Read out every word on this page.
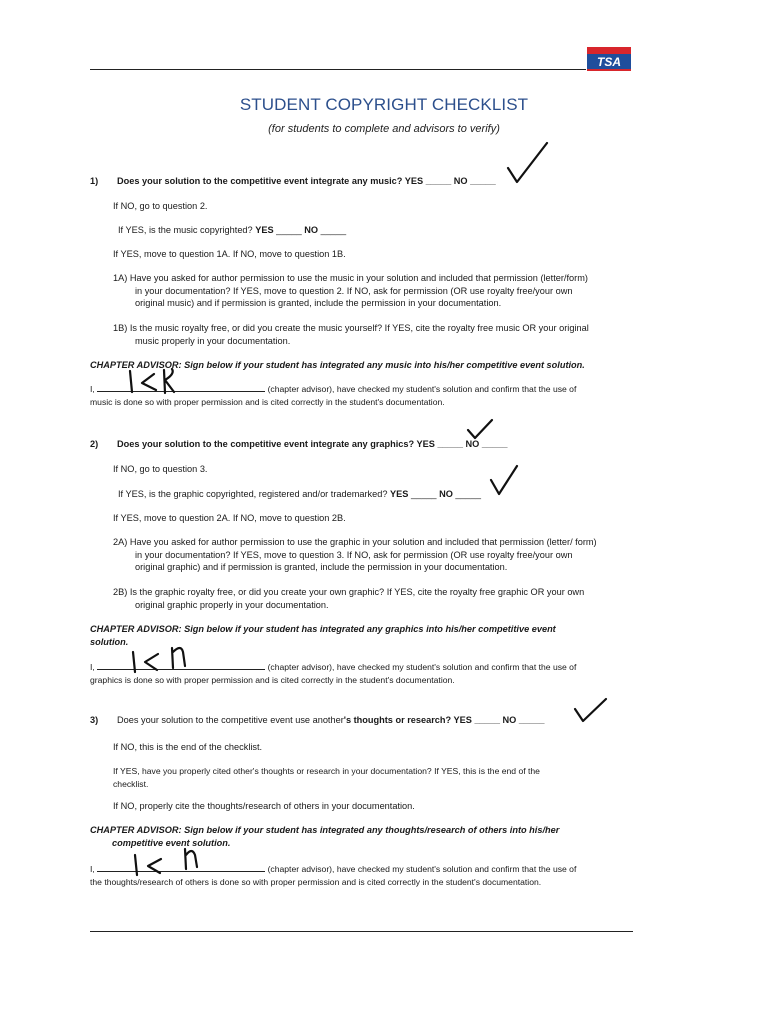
TSA
STUDENT COPYRIGHT CHECKLIST
(for students to complete and advisors to verify)
1) Does your solution to the competitive event integrate any music? YES _____ NO _____
If NO, go to question 2.
If YES, is the music copyrighted? YES _____ NO _____
If YES, move to question 1A. If NO, move to question 1B.
1A) Have you asked for author permission to use the music in your solution and included that permission (letter/form)
in your documentation? If YES, move to question 2. If NO, ask for permission (OR use royalty free/your own
original music) and if permission is granted, include the permission in your documentation.
1B) Is the music royalty free, or did you create the music yourself? If YES, cite the royalty free music OR your original
music properly in your documentation.
CHAPTER ADVISOR: Sign below if your student has integrated any music into his/her competitive event solution.
I,	(chapter advisor), have checked my student's solution and confirm that the use of
music is done so with proper permission and is cited correctly in the student's documentation.
2) Does your solution to the competitive event integrate any graphics? YES _____ NO _____
If NO, go to question 3.
If YES, is the graphic copyrighted, registered and/or trademarked? YES _____ NO _____
If YES, move to question 2A. If NO, move to question 2B.
2A) Have you asked for author permission to use the graphic in your solution and included that permission (letter/ form)
in your documentation? If YES, move to question 3. If NO, ask for permission (OR use royalty free/your own
original graphic) and if permission is granted, include the permission in your documentation.
2B) Is the graphic royalty free, or did you create your own graphic? If YES, cite the royalty free graphic OR your own
original graphic properly in your documentation.
CHAPTER ADVISOR: Sign below if your student has integrated any graphics into his/her competitive event
solution.
I,	(chapter advisor), have checked my student's solution and confirm that the use of
graphics is done so with proper permission and is cited correctly in the student's documentation.
3) Does your solution to the competitive event use another's thoughts or research? YES _____ NO _____
If NO, this is the end of the checklist.
If YES, have you properly cited other's thoughts or research in your documentation? If YES, this is the end of the
checklist.
If NO, properly cite the thoughts/research of others in your documentation.
CHAPTER ADVISOR: Sign below if your student has integrated any thoughts/research of others into his/her
competitive event solution.
I,	(chapter advisor), have checked my student's solution and confirm that the use of
the thoughts/research of others is done so with proper permission and is cited correctly in the student's documentation.
